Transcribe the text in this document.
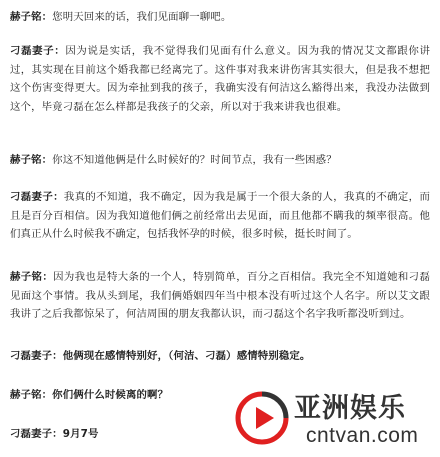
赫子铭：您明天回来的话，我们见面聊一聊吧。
刁磊妻子：因为说是实话，我不觉得我们见面有什么意义。因为我的情况艾文都跟你讲过，其实现在目前这个婚我都已经离完了。这件事对我来讲伤害其实很大，但是我不想把这个伤害变得更大。因为牵扯到我的孩子，我确实没有何洁这么豁得出来，我没办法做到这个，毕竟刁磊在怎么样都是我孩子的父亲，所以对于我来讲我也很难。
赫子铭：你这不知道他俩是什么时候好的？时间节点，我有一些困惑？
刁磊妻子：我真的不知道，我不确定，因为我是属于一个很大条的人，我真的不确定，而且是百分百相信。因为我知道他们俩之前经常出去见面，而且他都不瞒我的频率很高。他们真正从什么时候我不确定，包括我怀孕的时候，很多时候，挺长时间了。
赫子铭：因为我也是特大条的一个人，特别简单，百分之百相信。我完全不知道她和刁磊见面这个事情。我从头到尾，我们俩婚姻四年当中根本没有听过这个人名字。所以艾文跟我讲了之后我都惊呆了，何洁周围的朋友我都认识，而刁磊这个名字我听都没听到过。
刁磊妻子：他俩现在感情特别好，（何洁、刁磊）感情特别稳定。
赫子铭：你们俩什么时候离的啊？
刁磊妻子：9月7号
亚洲娱乐
cntvan.com
